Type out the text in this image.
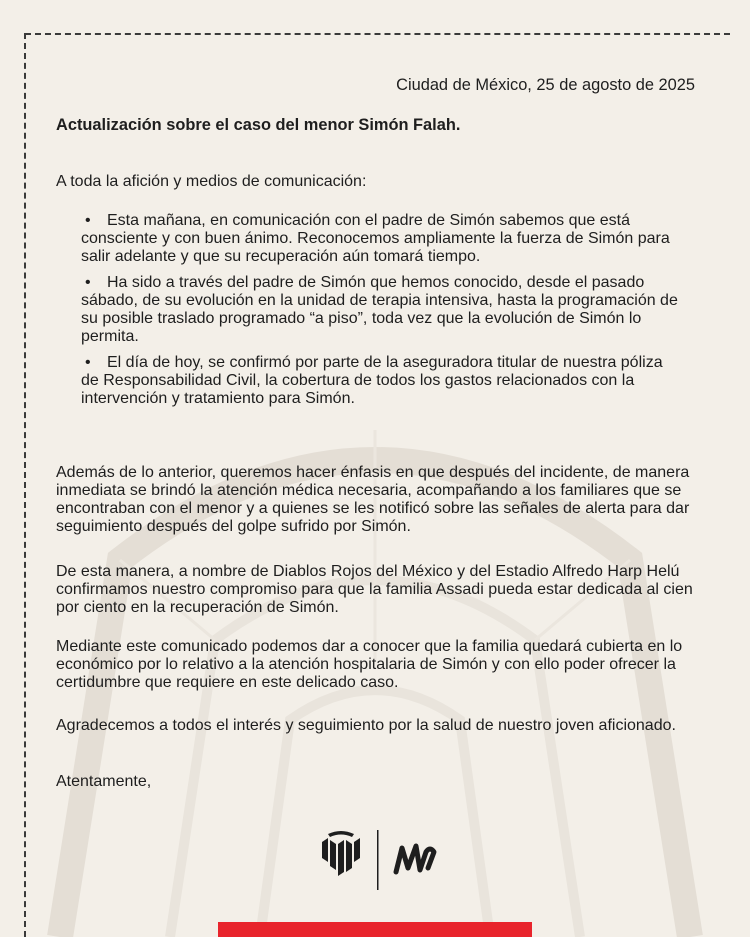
Ciudad de México, 25 de agosto de 2025
Actualización sobre el caso del menor Simón Falah.
A toda la afición y medios de comunicación:
• Esta mañana, en comunicación con el padre de Simón sabemos que está consciente y con buen ánimo. Reconocemos ampliamente la fuerza de Simón para salir adelante y que su recuperación aún tomará tiempo.
• Ha sido a través del padre de Simón que hemos conocido, desde el pasado sábado, de su evolución en la unidad de terapia intensiva, hasta la programación de su posible traslado programado “a piso”, toda vez que la evolución de Simón lo permita.
• El día de hoy, se confirmó por parte de la aseguradora titular de nuestra póliza de Responsabilidad Civil, la cobertura de todos los gastos relacionados con la intervención y tratamiento para Simón.

Además de lo anterior, queremos hacer énfasis en que después del incidente, de manera inmediata se brindó la atención médica necesaria, acompañando a los familiares que se encontraban con el menor y a quienes se les notificó sobre las señales de alerta para dar seguimiento después del golpe sufrido por Simón.

De esta manera, a nombre de Diablos Rojos del México y del Estadio Alfredo Harp Helú confirmamos nuestro compromiso para que la familia Assadi pueda estar dedicada al cien por ciento en la recuperación de Simón.

Mediante este comunicado podemos dar a conocer que la familia quedará cubierta en lo económico por lo relativo a la atención hospitalaria de Simón y con ello poder ofrecer la certidumbre que requiere en este delicado caso.

Agradecemos a todos el interés y seguimiento por la salud de nuestro joven aficionado.

Atentamente,
